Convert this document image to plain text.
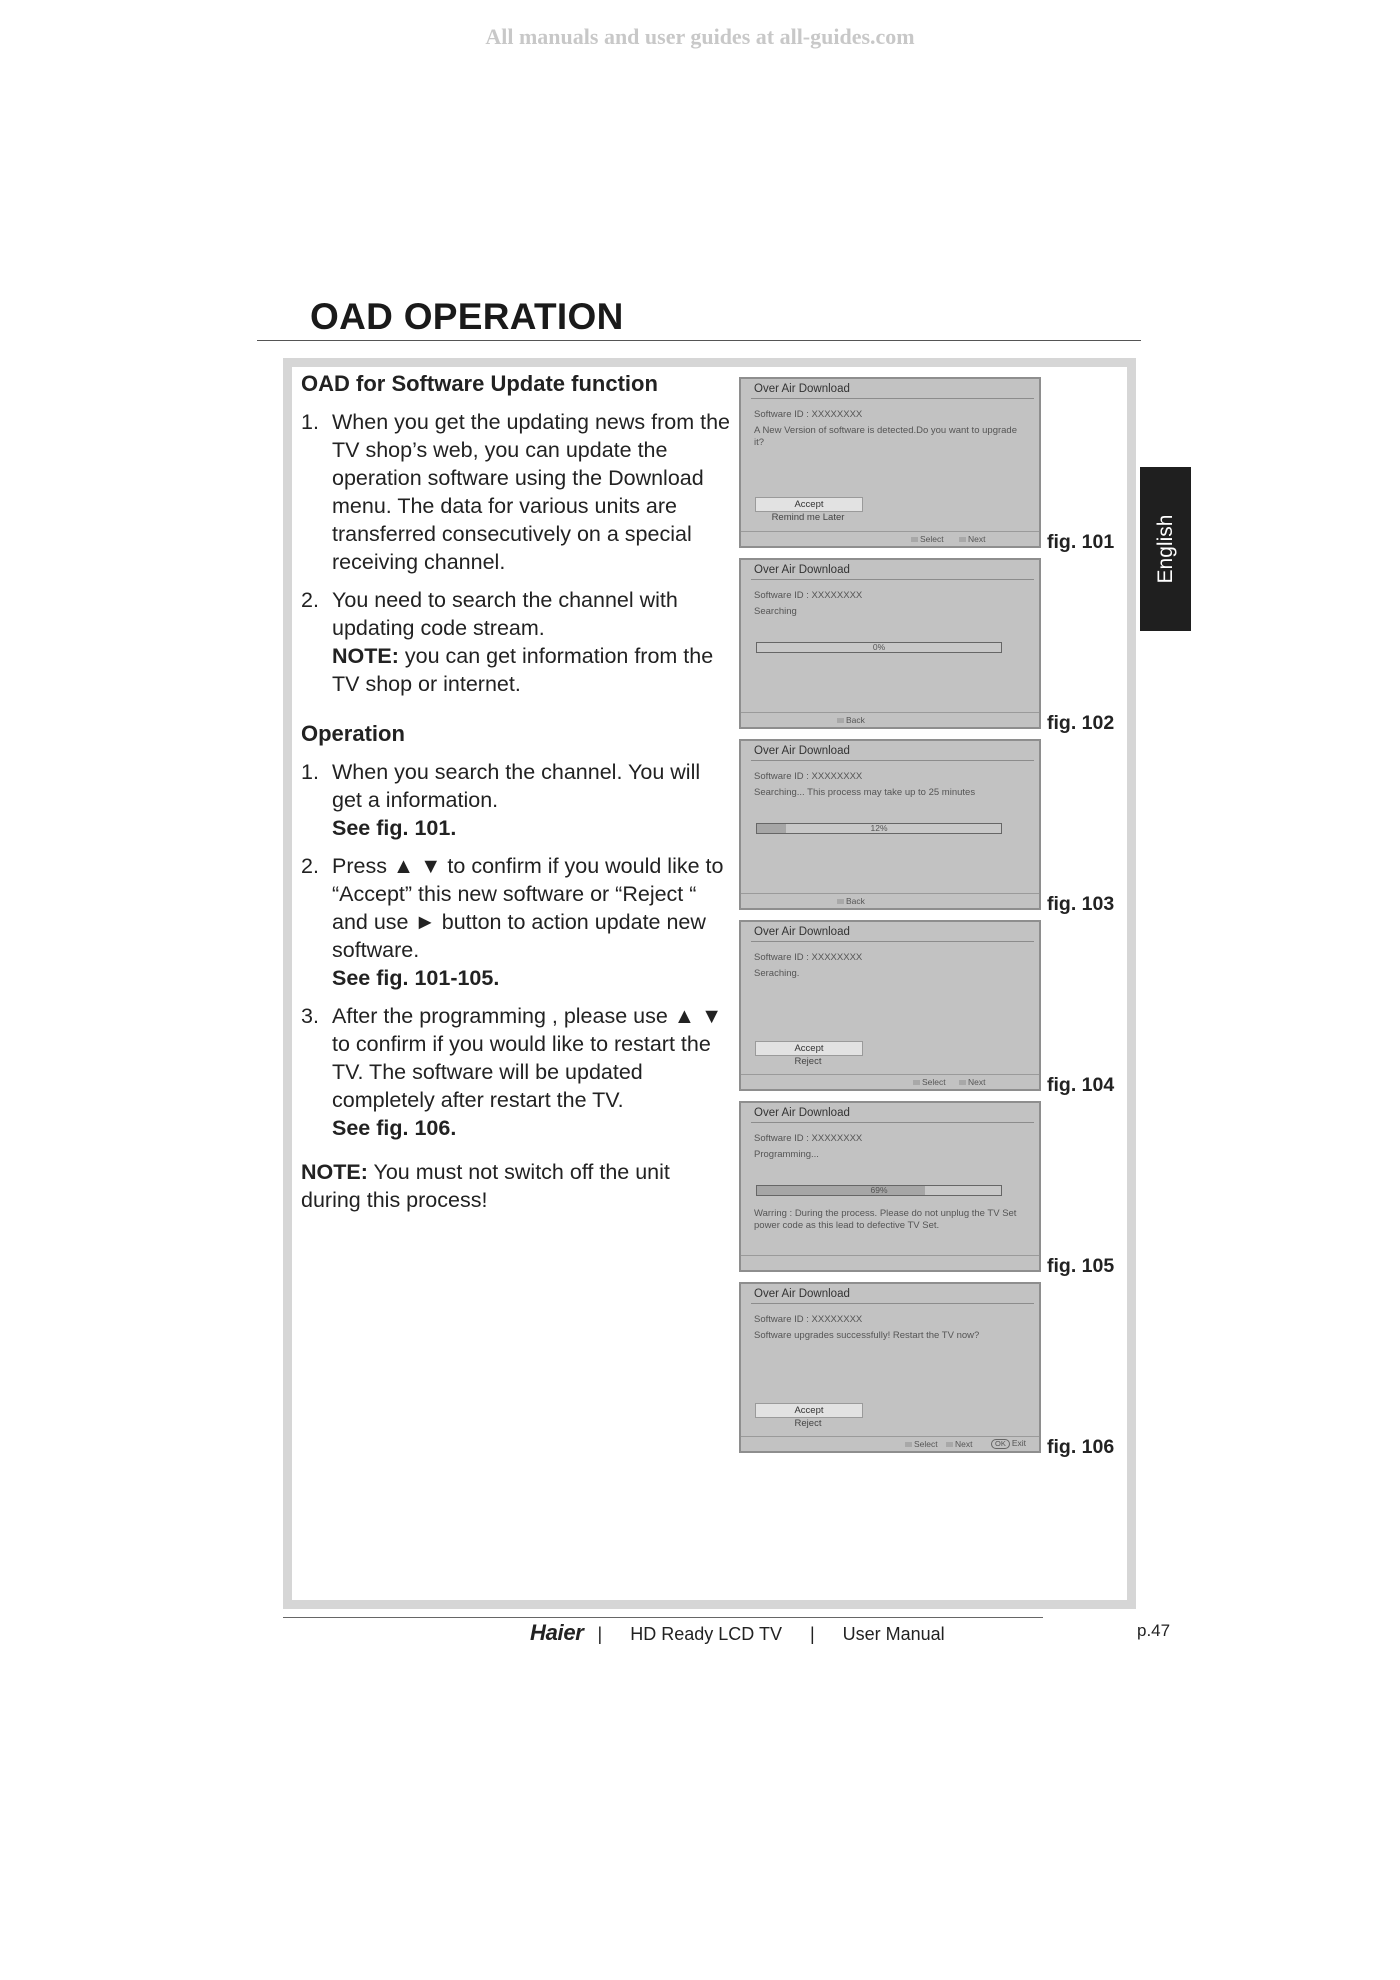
All manuals and user guides at all-guides.com
OAD OPERATION
English
OAD for Software Update function
1. When you get the updating news from the TV shop’s web, you can update the operation software using the Download menu. The data for various units are transferred consecutively on a special receiving channel.
2. You need to search the channel with updating code stream.
NOTE: you can get information from the TV shop or internet.
Operation
1. When you search the channel. You will get a information.
See fig. 101.
2. Press ▲ ▼ to confirm if you would like to “Accept” this new software or “Reject “ and use ► button to action update new software.
See fig. 101-105.
3. After the programming , please use ▲ ▼ to confirm if you would like to restart the TV. The software will be updated completely after restart the TV.
See fig. 106.
NOTE: You must not switch off the unit during this process!
Over Air Download
Software ID : XXXXXXXX
A New Version of software is detected.Do you want to upgrade it?
Accept
Remind me Later
Select	Next	fig. 101
Over Air Download
Software ID : XXXXXXXX
Searching
0%
Back	fig. 102
Over Air Download
Software ID : XXXXXXXX
Searching... This process may take up to 25 minutes
12%
Back	fig. 103
Over Air Download
Software ID : XXXXXXXX
Seraching.
Accept
Reject
Select	Next	fig. 104
Over Air Download
Software ID : XXXXXXXX
Programming...
69%
Warring : During the process. Please do not unplug the TV Set power code as this lead to defective TV Set.
fig. 105
Over Air Download
Software ID : XXXXXXXX
Software upgrades successfully! Restart the TV now?
Accept
Reject
Select	Next	OK Exit fig. 106
Haier | HD Ready LCD TV | User Manual	p.47
